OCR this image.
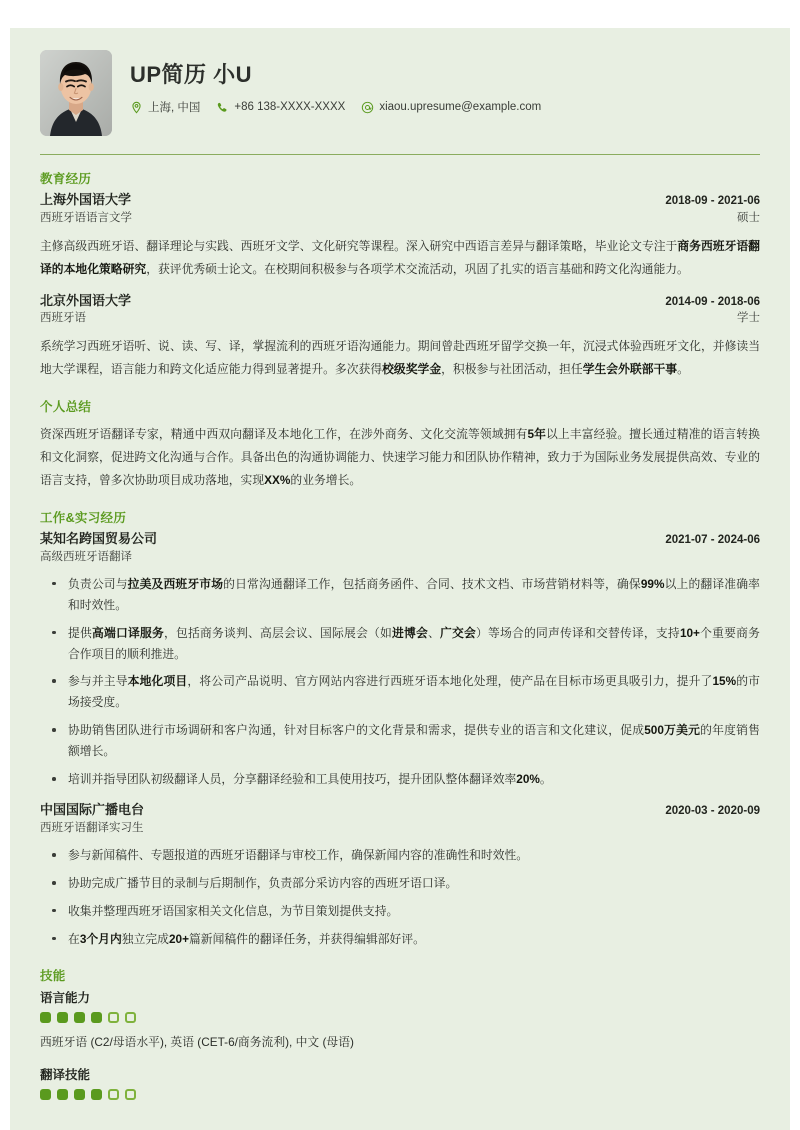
UP简历 小U
上海, 中国	+86 138-XXXX-XXXX	xiaou.upresume@example.com
教育经历
上海外国语大学	2018-09 - 2021-06
西班牙语语言文学	硕士
主修高级西班牙语、翻译理论与实践、西班牙文学、文化研究等课程。深入研究中西语言差异与翻译策略，毕业论文专注于商务西班牙语翻译的本地化策略研究，获评优秀硕士论文。在校期间积极参与各项学术交流活动，巩固了扎实的语言基础和跨文化沟通能力。
北京外国语大学	2014-09 - 2018-06
西班牙语	学士
系统学习西班牙语听、说、读、写、译，掌握流利的西班牙语沟通能力。期间曾赴西班牙留学交换一年，沉浸式体验西班牙文化，并修读当地大学课程，语言能力和跨文化适应能力得到显著提升。多次获得校级奖学金，积极参与社团活动，担任学生会外联部干事。
个人总结
资深西班牙语翻译专家，精通中西双向翻译及本地化工作，在涉外商务、文化交流等领域拥有5年以上丰富经验。擅长通过精准的语言转换和文化洞察，促进跨文化沟通与合作。具备出色的沟通协调能力、快速学习能力和团队协作精神，致力于为国际业务发展提供高效、专业的语言支持，曾多次协助项目成功落地，实现XX%的业务增长。
工作&实习经历
某知名跨国贸易公司	2021-07 - 2024-06
高级西班牙语翻译
负责公司与拉美及西班牙市场的日常沟通翻译工作，包括商务函件、合同、技术文档、市场营销材料等，确保99%以上的翻译准确率和时效性。
提供高端口译服务，包括商务谈判、高层会议、国际展会（如进博会、广交会）等场合的同声传译和交替传译，支持10+个重要商务合作项目的顺利推进。
参与并主导本地化项目，将公司产品说明、官方网站内容进行西班牙语本地化处理，使产品在目标市场更具吸引力，提升了15%的市场接受度。
协助销售团队进行市场调研和客户沟通，针对目标客户的文化背景和需求，提供专业的语言和文化建议，促成500万美元的年度销售额增长。
培训并指导团队初级翻译人员，分享翻译经验和工具使用技巧，提升团队整体翻译效率20%。
中国国际广播电台	2020-03 - 2020-09
西班牙语翻译实习生
参与新闻稿件、专题报道的西班牙语翻译与审校工作，确保新闻内容的准确性和时效性。
协助完成广播节目的录制与后期制作，负责部分采访内容的西班牙语口译。
收集并整理西班牙语国家相关文化信息，为节目策划提供支持。
在3个月内独立完成20+篇新闻稿件的翻译任务，并获得编辑部好评。
技能
语言能力
西班牙语 (C2/母语水平), 英语 (CET-6/商务流利), 中文 (母语)
翻译技能
